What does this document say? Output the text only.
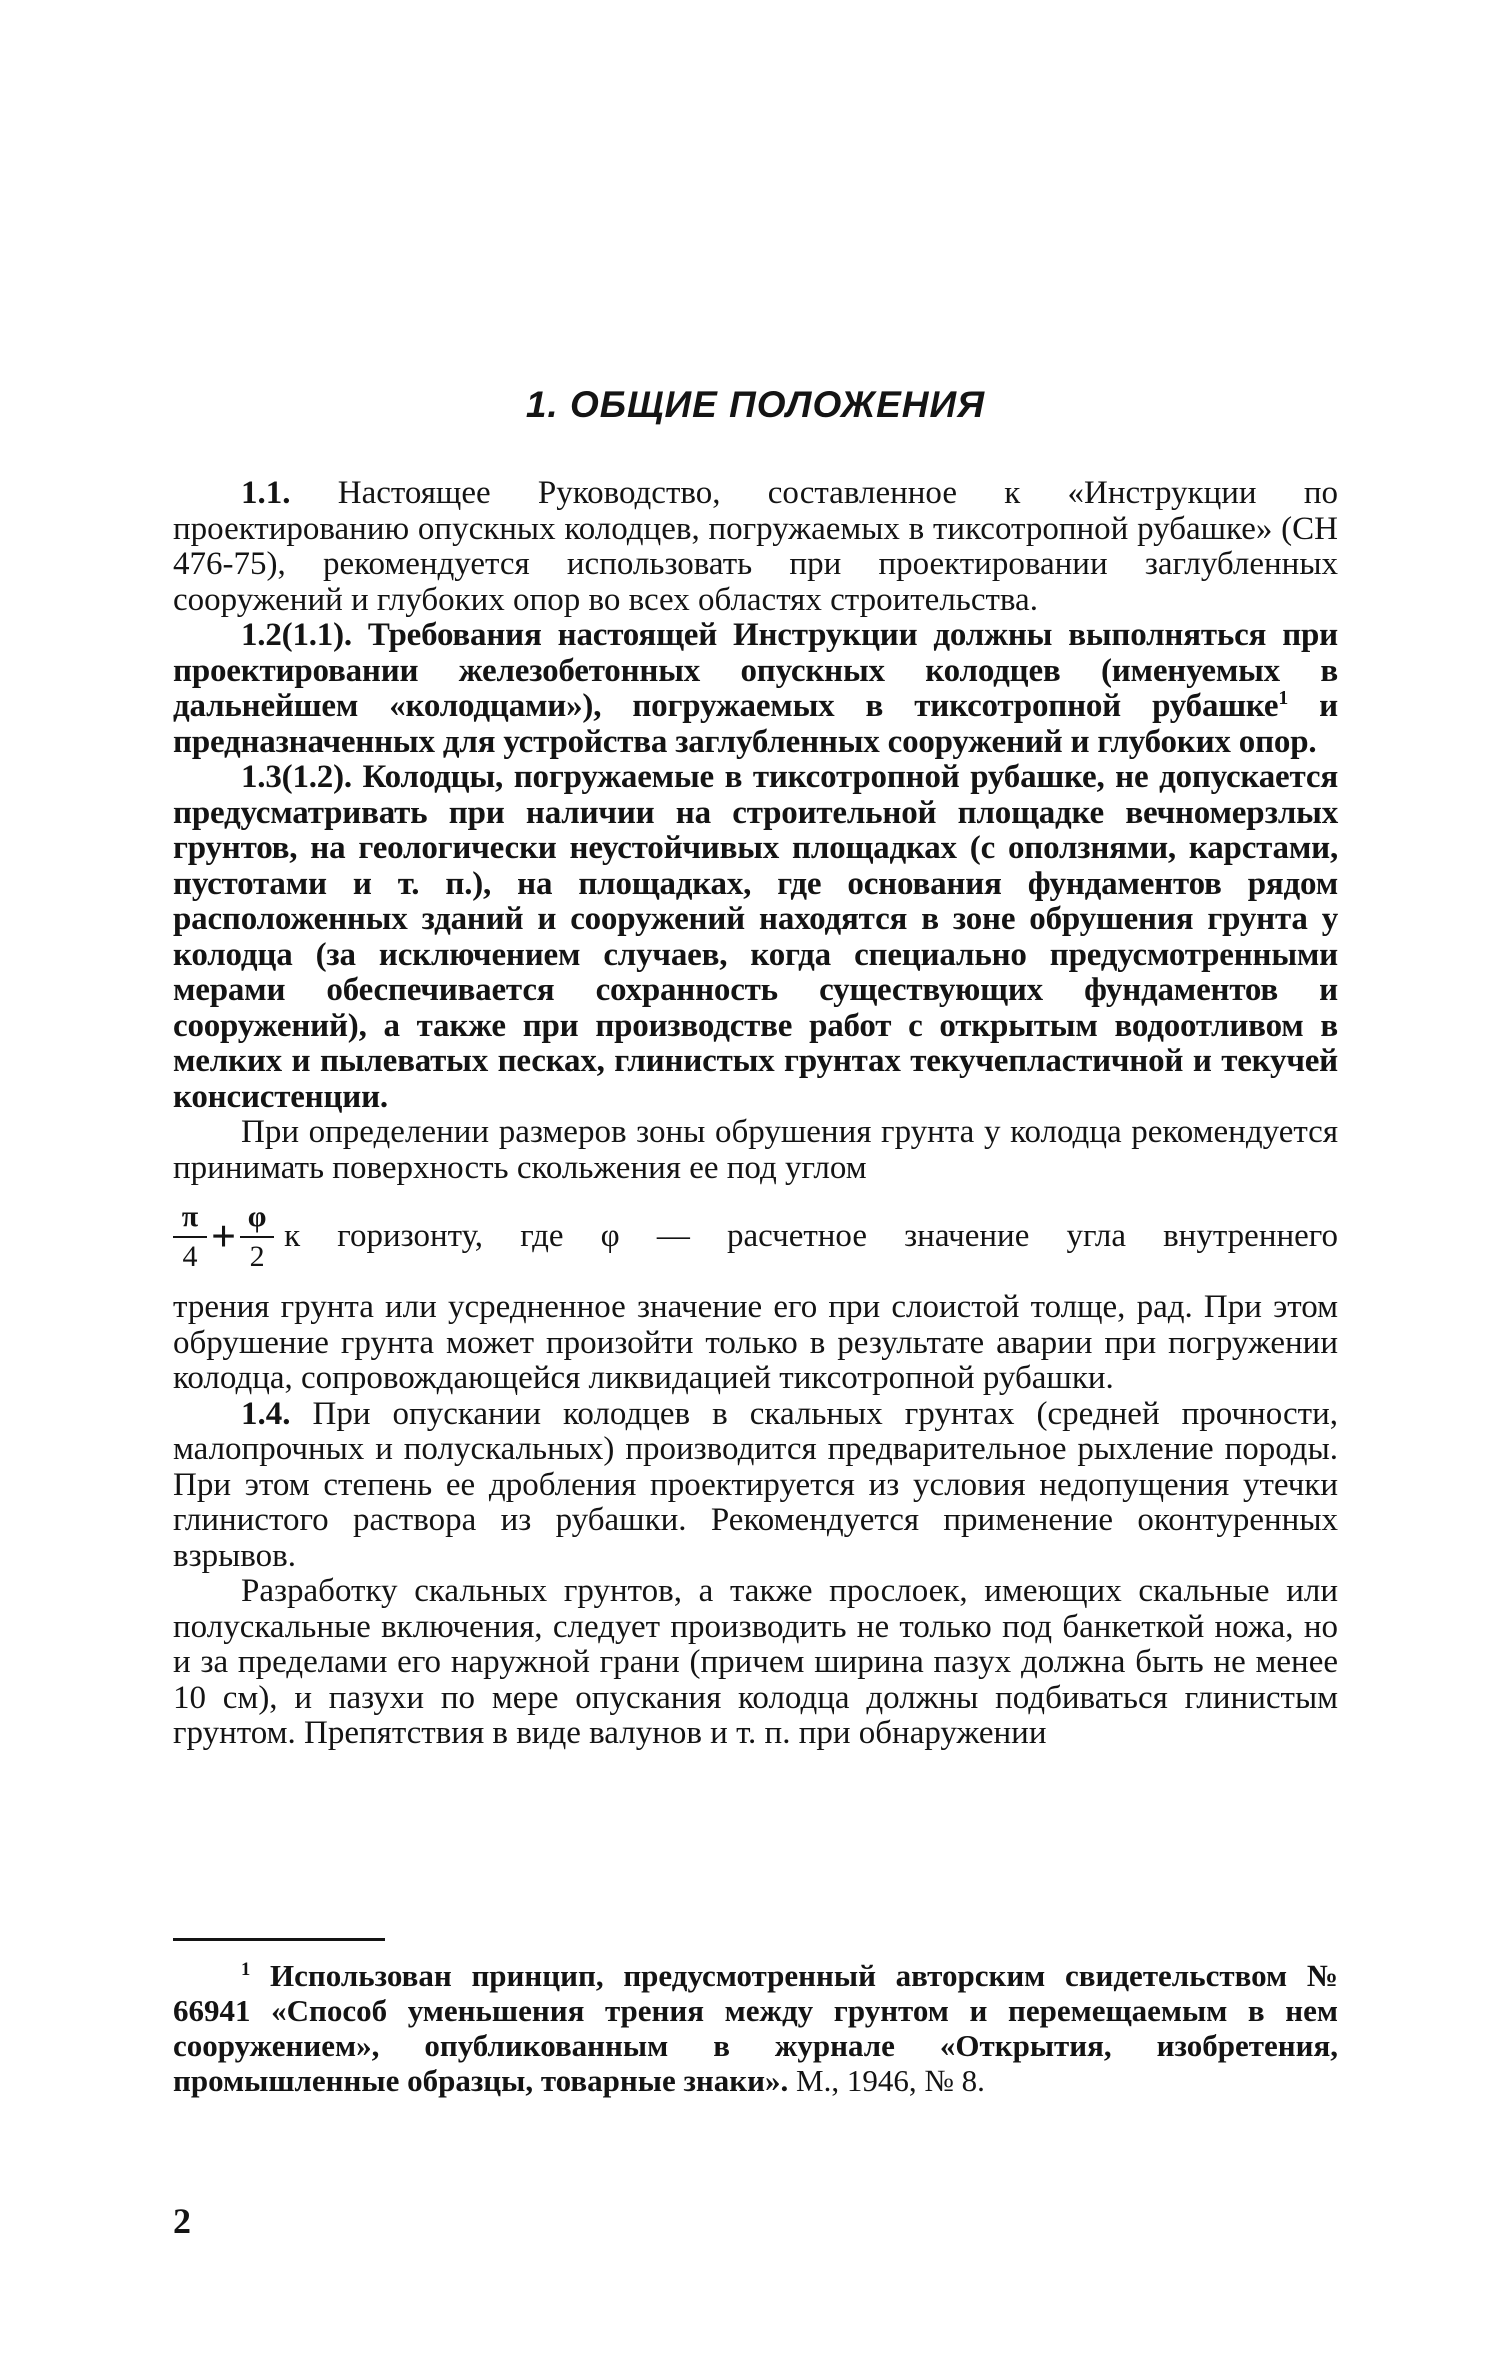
1. ОБЩИЕ ПОЛОЖЕНИЯ

1.1. Настоящее Руководство, составленное к «Инструкции по проектированию опускных колодцев, погружаемых в тиксотропной рубашке» (СН 476-75), рекомендуется использовать при проектировании заглубленных сооружений и глубоких опор во всех областях строительства.

1.2(1.1). Требования настоящей Инструкции должны выполняться при проектировании железобетонных опускных колодцев (именуемых в дальнейшем «колодцами»), погружаемых в тиксотропной рубашке$^1$ и предназначенных для устройства заглубленных сооружений и глубоких опор.

1.3(1.2). Колодцы, погружаемые в тиксотропной рубашке, не допускается предусматривать при наличии на строительной площадке вечномерзлых грунтов, на геологически неустойчивых площадках (с оползнями, карстами, пустотами и т. п.), на площадках, где основания фундаментов рядом расположенных зданий и сооружений находятся в зоне обрушения грунта у колодца (за исключением случаев, когда специально предусмотренными мерами обеспечивается сохранность существующих фундаментов и сооружений), а также при производстве работ с открытым водоотливом в мелких и пылеватых песках, глинистых грунтах текучепластичной и текучей консистенции.

При определении размеров зоны обрушения грунта у колодца рекомендуется принимать поверхность скольжения ее под углом

$\frac{\pi}{4} + \frac{\varphi}{2}$ к горизонту, где φ — расчетное значение угла внутреннего

трения грунта или усредненное значение его при слоистой толще, рад. При этом обрушение грунта может произойти только в результате аварии при погружении колодца, сопровождающейся ликвидацией тиксотропной рубашки.

1.4. При опускании колодцев в скальных грунтах (средней прочности, малопрочных и полускальных) производится предварительное рыхление породы. При этом степень ее дробления проектируется из условия недопущения утечки глинистого раствора из рубашки. Рекомендуется применение оконтуренных взрывов.

Разработку скальных грунтов, а также прослоек, имеющих скальные или полускальные включения, следует производить не только под банкеткой ножа, но и за пределами его наружной грани (причем ширина пазух должна быть не менее 10 см), и пазухи по мере опускания колодца должны подбиваться глинистым грунтом. Препятствия в виде валунов и т. п. при обнаружении

$^1$ Использован принцип, предусмотренный авторским свидетельством № 66941 «Способ уменьшения трения между грунтом и перемещаемым в нем сооружением», опубликованным в журнале «Открытия, изобретения, промышленные образцы, товарные знаки». М., 1946, № 8.

2
